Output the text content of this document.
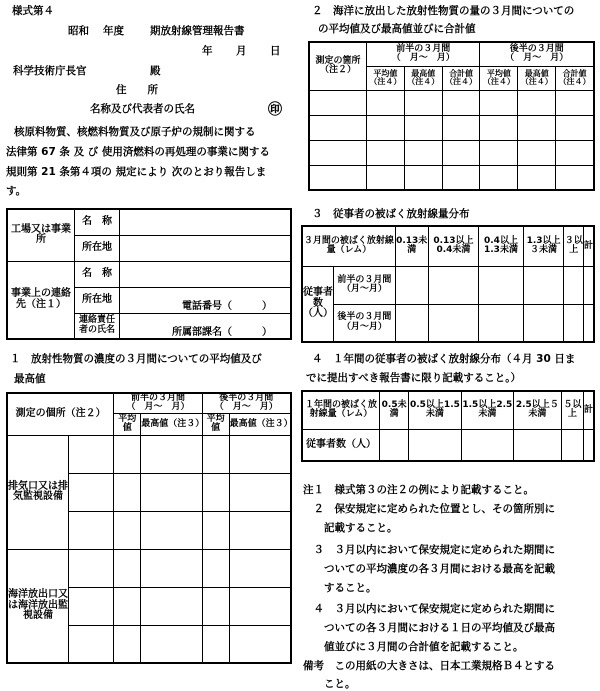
様式第４
昭和 年度 期放射線管理報告書
年 月 日
科学技術庁長官	殿
住　　所
名称及び代表者の氏名	㊞
核原料物質、核燃料物質及び原子炉の規制に関する
法律第 67 条 及 び 使用済燃料の再処理の事業に関する
規則第 21 条第４項の 規定により 次のとおり報告しま
す。
工場又は事業所	名　称	
	所在地	
事業上の連絡先（注１）	名　称	
	所在地	電話番号（　　　）
	連絡責任者の氏名	所属部課名（　　　）
１　放射性物質の濃度の３月間についての平均値及び
最高値
測定の個所（注２）		前半の３月間
（　月～　月）		後半の３月間
（　月～　月）	
		平均値	最高値（注３）	平均値	最高値（注３）
排気口又は排気監視設備					

海洋放出口又は海洋放出監視設備					

２　海洋に放出した放射性物質の量の３月間についての
の平均値及び最高値並びに合計値
測定の箇所（注２）	前半の３月間
（　月～　月）			後半の３月間
（　月～　月）		
	平均値（注４）	最高値（注４）	合計値（注４）	平均値（注４）	最高値（注４）	合計値（注４）

３　従事者の被ばく放射線量分布
３月間の被ばく放射線量（レム）		0.13未満	0.13以上0.4未満	0.4以上1.3未満	1.3以上３未満	３以上	計
従事者数（人）	前半の３月間（月～月）						
	後半の３月間（月～月）						
４　１年間の従事者の被ばく放射線分布（４月 30 日ま
でに提出すべき報告書に限り記載すること。）
１年間の被ばく放射線量（レム）	0.5未満	0.5以上1.5未満	1.5以上2.5未満	2.5以上５未満	５以上	計
従事者数（人）						
注１　様式第３の注２の例により記載すること。
　２　保安規定に定められた位置とし、その箇所別に
　　記載すること。
　３　３月以内において保安規定に定められた期間に
　　ついての平均濃度の各３月間における最高を記載
　　すること。
　４　３月以内において保安規定に定められた期間に
　　ついての各３月間における１日の平均値及び最高
　　値並びに３月間の合計値を記載すること。
備考　この用紙の大きさは、日本工業規格Ｂ４とする
　　こと。
